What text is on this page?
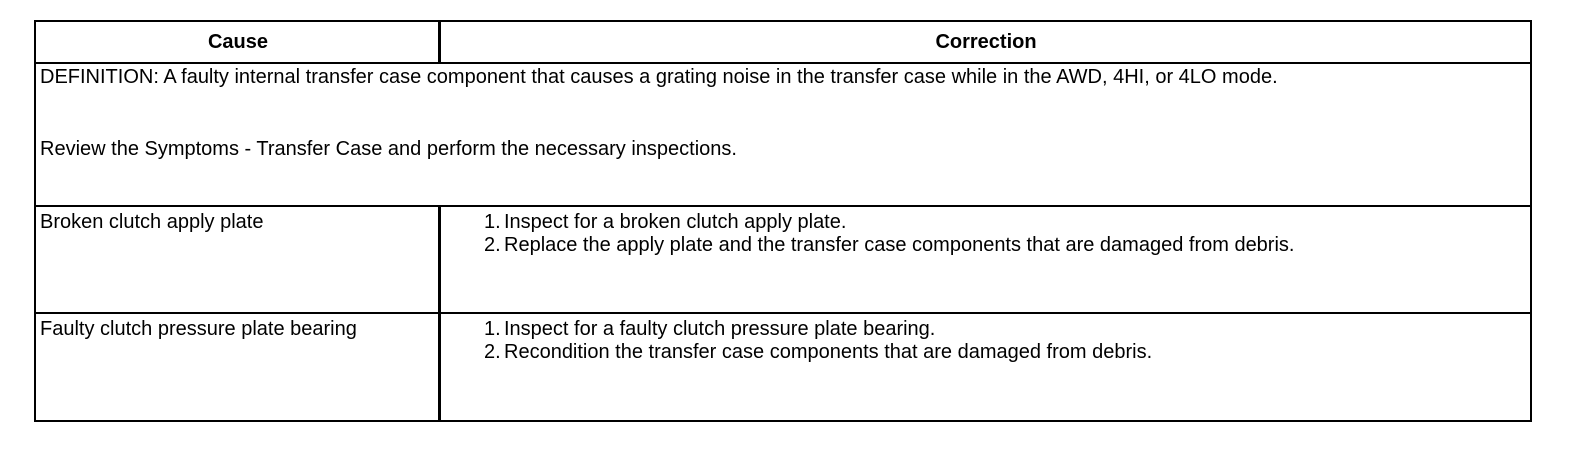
Cause	Correction

DEFINITION: A faulty internal transfer case component that causes a grating noise in the transfer case while in the AWD, 4HI, or 4LO mode.

Review the Symptoms - Transfer Case and perform the necessary inspections.

Broken clutch apply plate	1. Inspect for a broken clutch apply plate.
2. Replace the apply plate and the transfer case components that are damaged from debris.
Faulty clutch pressure plate bearing	1. Inspect for a faulty clutch pressure plate bearing.
2. Recondition the transfer case components that are damaged from debris.
